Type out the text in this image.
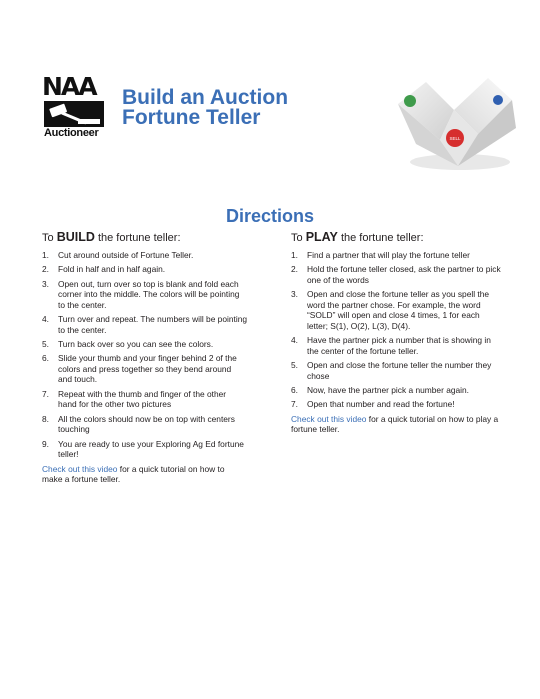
NAA
Auctioneer
Build an Auction
Fortune Teller
SELL
Directions
To BUILD the fortune teller:
1. Cut around outside of Fortune Teller.
2. Fold in half and in half again.
3. Open out, turn over so top is blank and fold each corner into the middle. The colors will be pointing to the center.
4. Turn over and repeat. The numbers will be pointing to the center.
5. Turn back over so you can see the colors.
6. Slide your thumb and your finger behind 2 of the colors and press together so they bend around and touch.
7. Repeat with the thumb and finger of the other hand for the other two pictures
8. All the colors should now be on top with centers touching
9. You are ready to use your Exploring Ag Ed fortune teller!
Check out this video for a quick tutorial on how to make a fortune teller.
To PLAY the fortune teller:
1. Find a partner that will play the fortune teller
2. Hold the fortune teller closed, ask the partner to pick one of the words
3. Open and close the fortune teller as you spell the word the partner chose. For example, the word “SOLD” will open and close 4 times, 1 for each letter; S(1), O(2), L(3), D(4).
4. Have the partner pick a number that is showing in the center of the fortune teller.
5. Open and close the fortune teller the number they chose
6. Now, have the partner pick a number again.
7. Open that number and read the fortune!
Check out this video for a quick tutorial on how to play a fortune teller.
